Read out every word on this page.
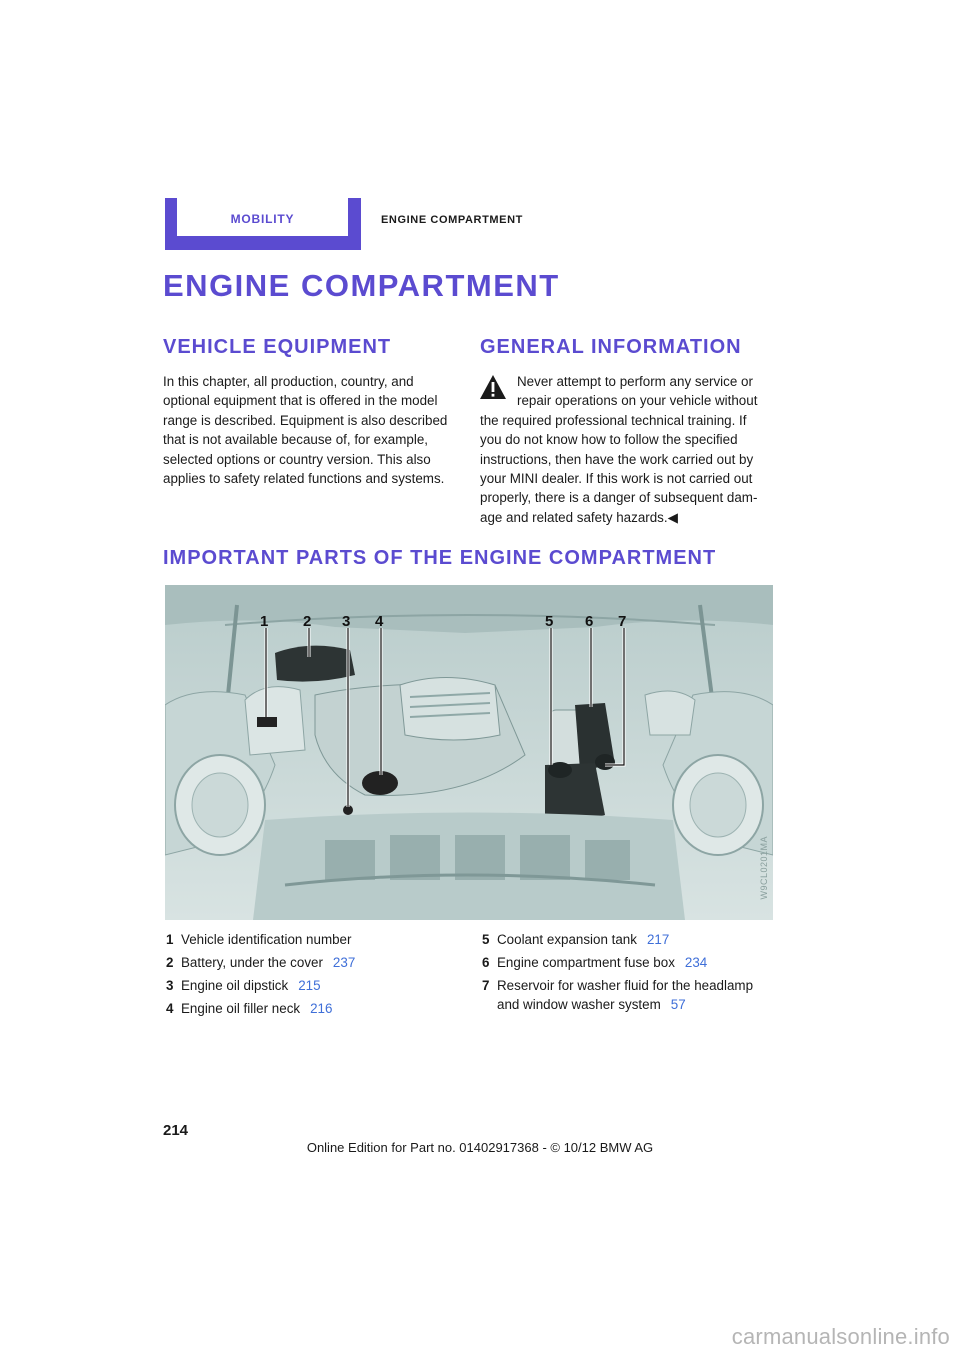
MOBILITY	ENGINE COMPARTMENT
ENGINE COMPARTMENT
VEHICLE EQUIPMENT
In this chapter, all production, country, and
optional equipment that is offered in the model
range is described. Equipment is also described
that is not available because of, for example,
selected options or country version. This also
applies to safety related functions and systems.
GENERAL INFORMATION
Never attempt to perform any service or
repair operations on your vehicle without
the required professional technical training. If
you do not know how to follow the specified
instructions, then have the work carried out by
your MINI dealer. If this work is not carried out
properly, there is a danger of subsequent dam-
age and related safety hazards.◀
IMPORTANT PARTS OF THE ENGINE COMPARTMENT
1 2 3 4	5 6 7
W9CL0201MA
1 Vehicle identification number
2 Battery, under the cover 237
3 Engine oil dipstick 215
4 Engine oil filler neck 216
5 Coolant expansion tank 217
6 Engine compartment fuse box 234
7 Reservoir for washer fluid for the headlamp
and window washer system 57
214
Online Edition for Part no. 01402917368 - © 10/12 BMW AG
carmanualsonline.info
